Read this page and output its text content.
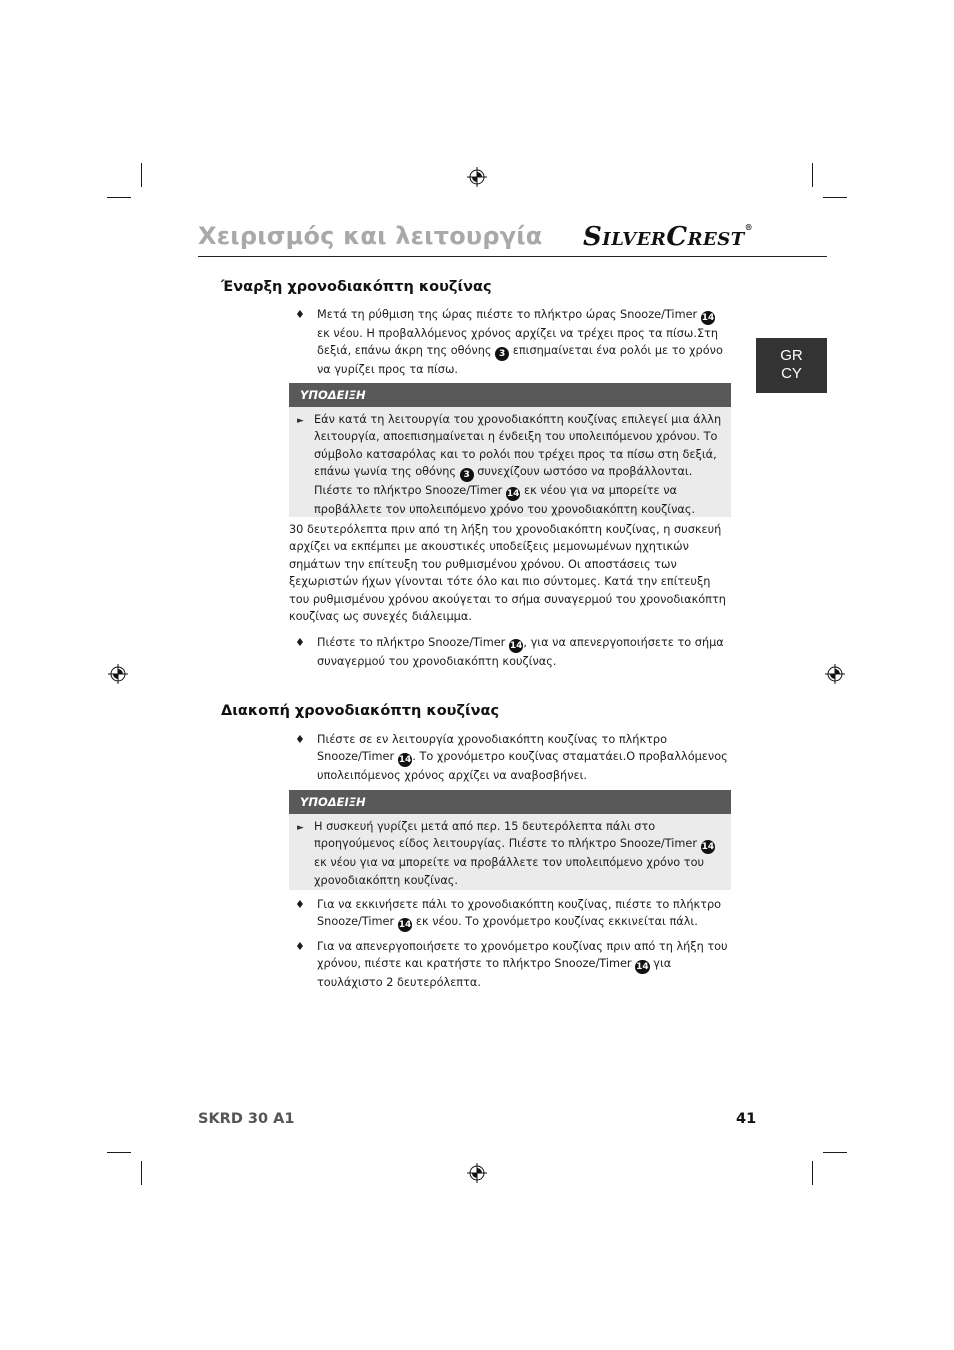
Χειρισμός και λειτουργία SILVERCREST®
GR
CY
Έναρξη χρονοδιακόπτη κουζίνας
♦ Μετά τη ρύθμιση της ώρας πιέστε το πλήκτρο ώρας Snooze/Timer 14 εκ νέου. Η προβαλλόμενος χρόνος αρχίζει να τρέχει προς τα πίσω.Στη δεξιά, επάνω άκρη της οθόνης 3 επισημαίνεται ένα ρολόι με το χρόνο να γυρίζει προς τα πίσω.

ΥΠΟΔΕΙΞΗ
► Εάν κατά τη λειτουργία του χρονοδιακόπτη κουζίνας επιλεγεί μια άλλη λειτουργία, αποεπισημαίνεται η ένδειξη του υπολειπόμενου χρόνου. Το σύμβολο κατσαρόλας και το ρολόι που τρέχει προς τα πίσω στη δεξιά, επάνω γωνία της οθόνης 3 συνεχίζουν ωστόσο να προβάλλονται. Πιέστε το πλήκτρο Snooze/Timer 14 εκ νέου για να μπορείτε να προβάλλετε τον υπολειπόμενο χρόνο του χρονοδιακόπτη κουζίνας.

30 δευτερόλεπτα πριν από τη λήξη του χρονοδιακόπτη κουζίνας, η συσκευή αρχίζει να εκπέμπει με ακουστικές υποδείξεις μεμονωμένων ηχητικών σημάτων την επίτευξη του ρυθμισμένου χρόνου. Οι αποστάσεις των ξεχωριστών ήχων γίνονται τότε όλο και πιο σύντομες. Κατά την επίτευξη του ρυθμισμένου χρόνου ακούγεται το σήμα συναγερμού του χρονοδιακόπτη κουζίνας ως συνεχές διάλειμμα.

♦ Πιέστε το πλήκτρο Snooze/Timer 14, για να απενεργοποιήσετε το σήμα συναγερμού του χρονοδιακόπτη κουζίνας.

Διακοπή χρονοδιακόπτη κουζίνας
♦ Πιέστε σε εν λειτουργία χρονοδιακόπτη κουζίνας το πλήκτρο Snooze/Timer 14. Το χρονόμετρο κουζίνας σταματάει.Ο προβαλλόμενος υπολειπόμενος χρόνος αρχίζει να αναβοσβήνει.

ΥΠΟΔΕΙΞΗ
► Η συσκευή γυρίζει μετά από περ. 15 δευτερόλεπτα πάλι στο προηγούμενος είδος λειτουργίας. Πιέστε το πλήκτρο Snooze/Timer 14 εκ νέου για να μπορείτε να προβάλλετε τον υπολειπόμενο χρόνο του χρονοδιακόπτη κουζίνας.

♦ Για να εκκινήσετε πάλι το χρονοδιακόπτη κουζίνας, πιέστε το πλήκτρο Snooze/Timer 14 εκ νέου. Το χρονόμετρο κουζίνας εκκινείται πάλι.

♦ Για να απενεργοποιήσετε το χρονόμετρο κουζίνας πριν από τη λήξη του χρόνου, πιέστε και κρατήστε το πλήκτρο Snooze/Timer 14 για τουλάχιστο 2 δευτερόλεπτα.

SKRD 30 A1	41
